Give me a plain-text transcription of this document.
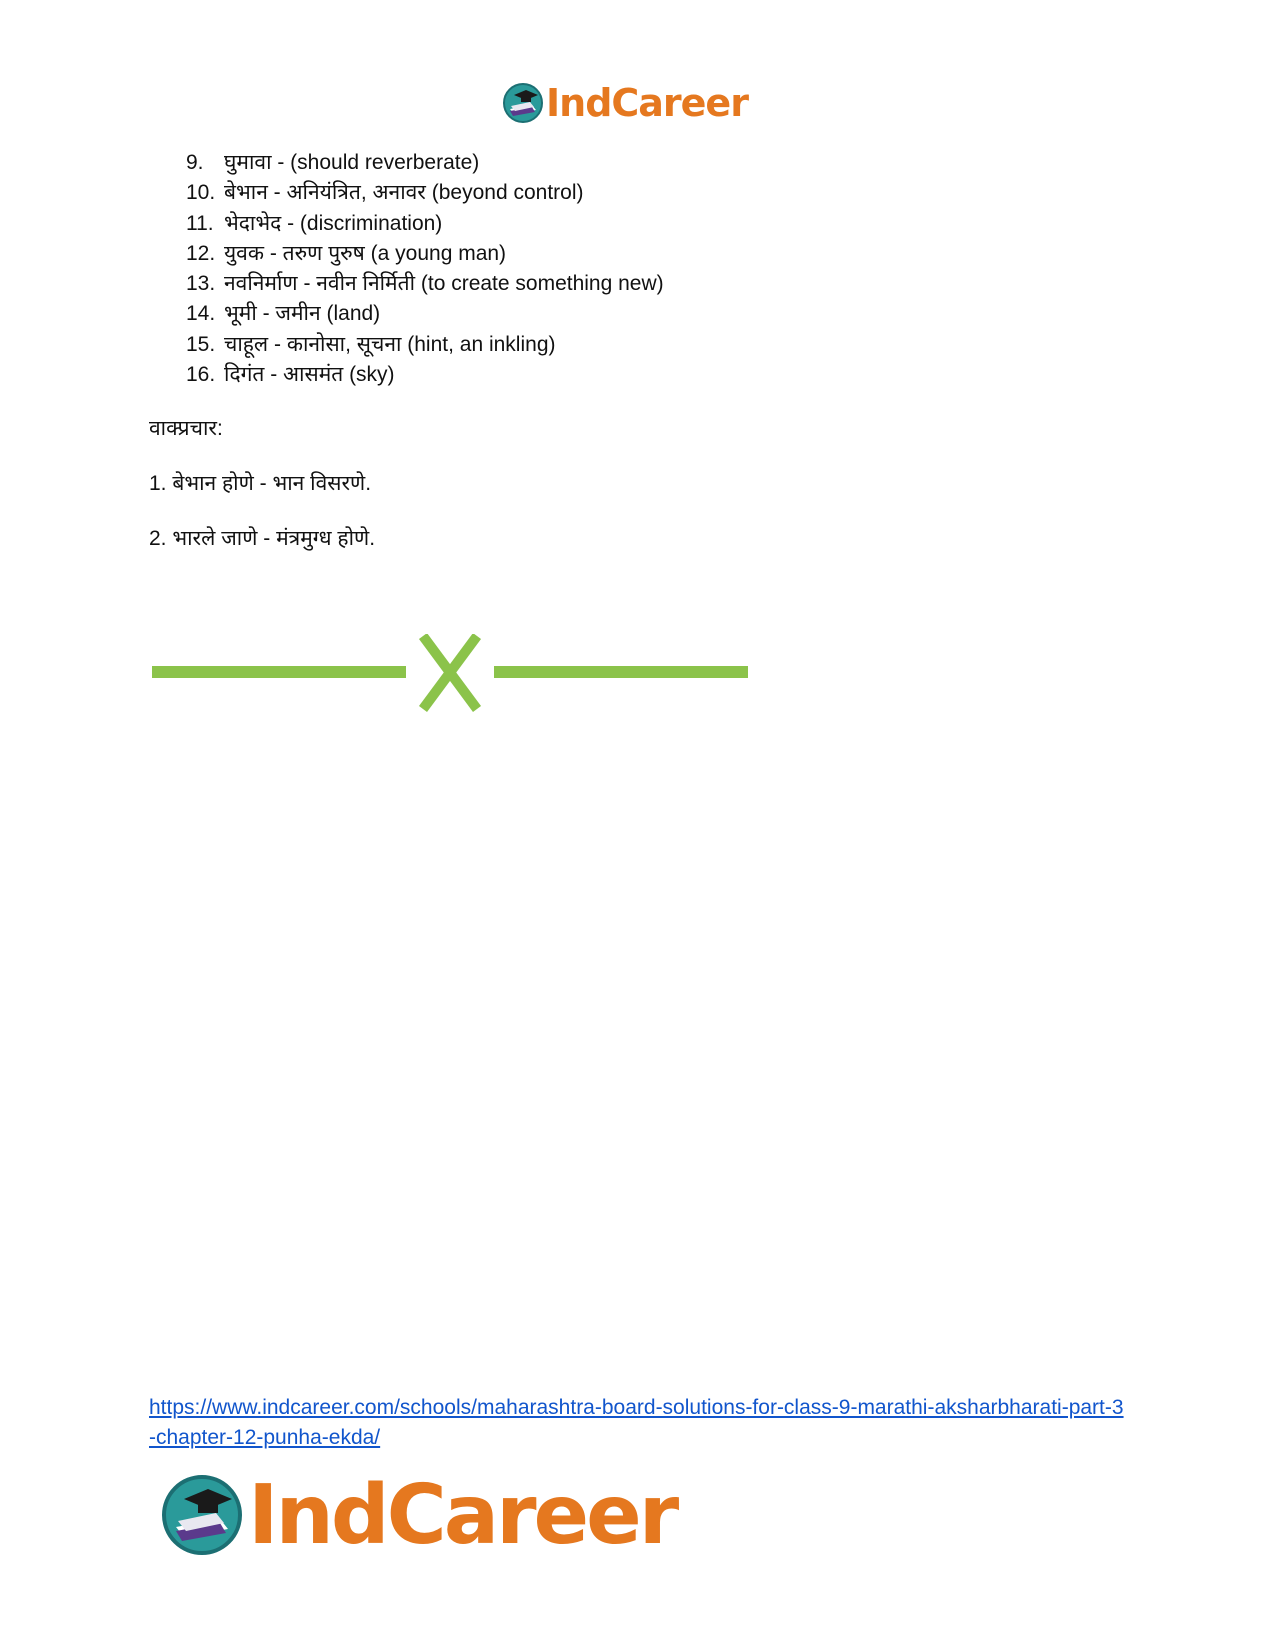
IndCareer
9. घुमावा - (should reverberate)
10. बेभान - अनियंत्रित, अनावर (beyond control)
11. भेदाभेद - (discrimination)
12. युवक - तरुण पुरुष (a young man)
13. नवनिर्माण - नवीन निर्मिती (to create something new)
14. भूमी - जमीन (land)
15. चाहूल - कानोसा, सूचना (hint, an inkling)
16. दिगंत - आसमंत (sky)

वाक्प्रचार:

1. बेभान होणे - भान विसरणे.

2. भारले जाणे - मंत्रमुग्ध होणे.

https://www.indcareer.com/schools/maharashtra-board-solutions-for-class-9-marathi-aksharbharati-part-3-chapter-12-punha-ekda/
IndCareer
